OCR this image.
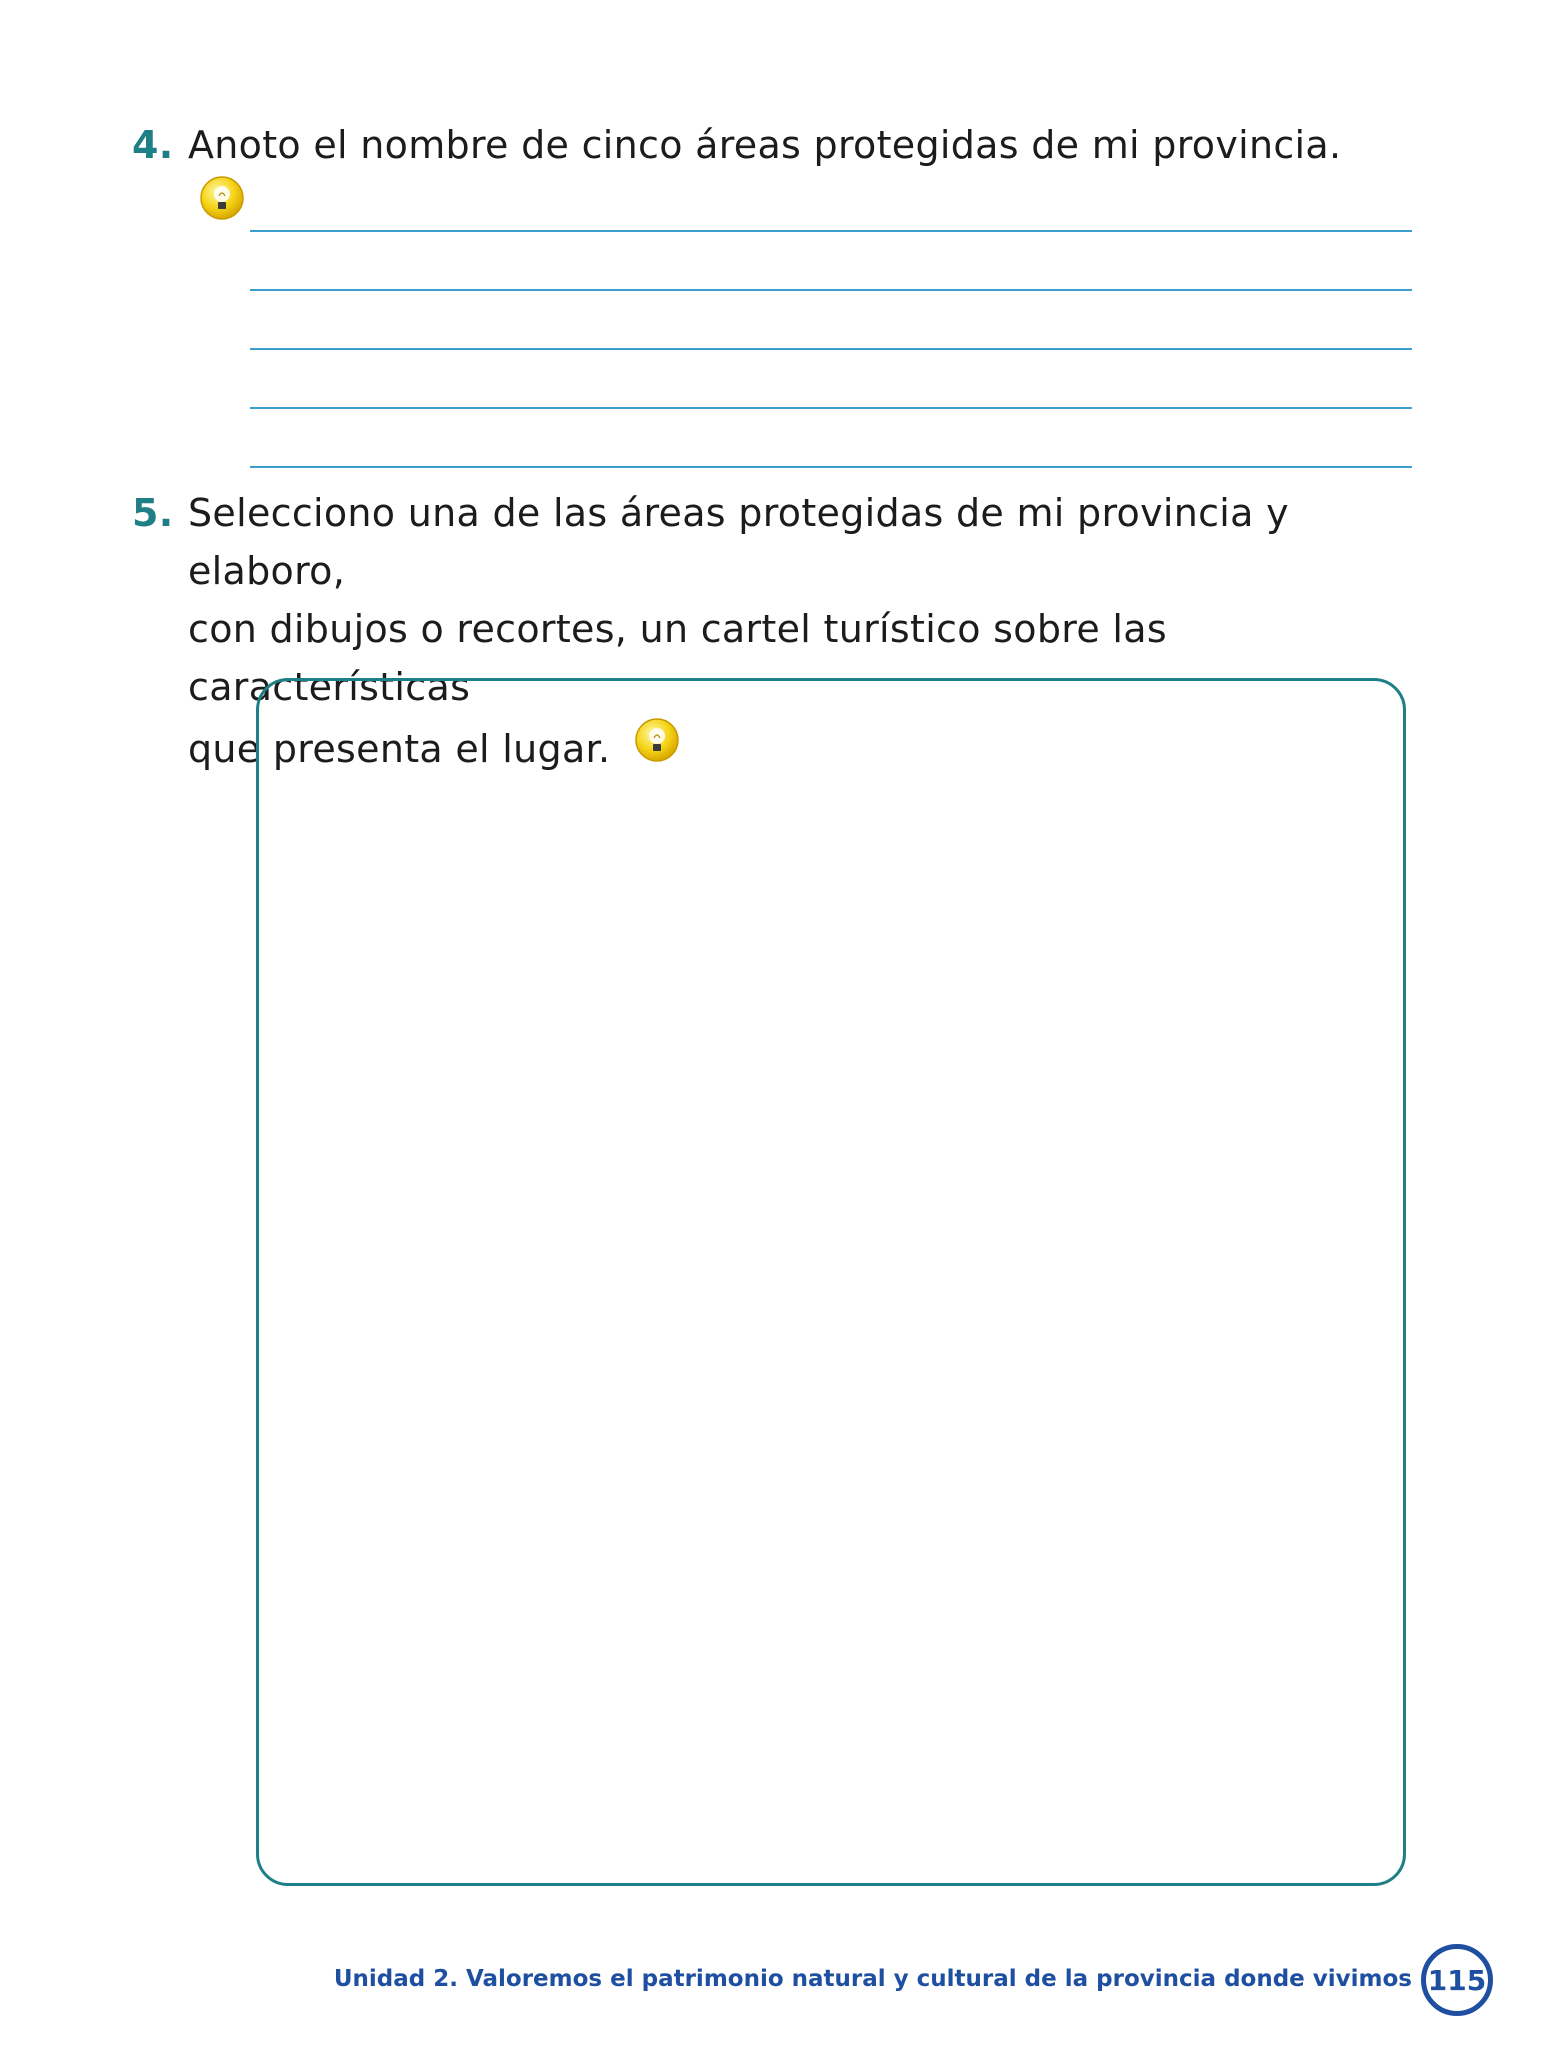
4. Anoto el nombre de cinco áreas protegidas de mi provincia.
5. Selecciono una de las áreas protegidas de mi provincia y elaboro,
con dibujos o recortes, un cartel turístico sobre las características
que presenta el lugar.
Unidad 2. Valoremos el patrimonio natural y cultural de la provincia donde vivimos 115
